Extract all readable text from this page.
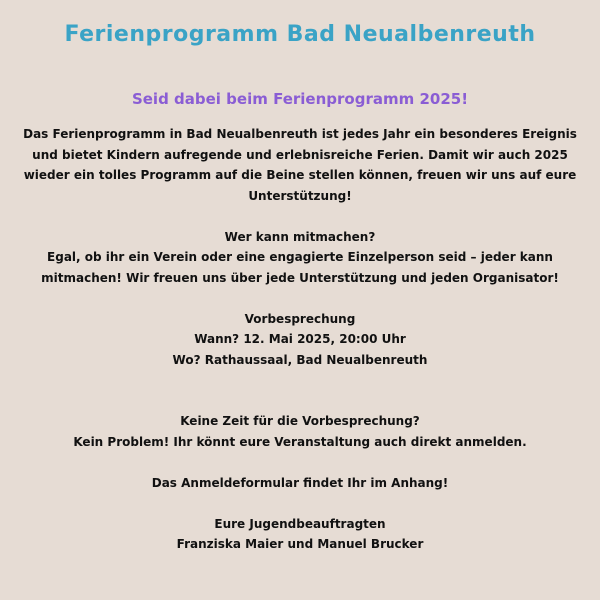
Ferienprogramm Bad Neualbenreuth
Seid dabei beim Ferienprogramm 2025!

Das Ferienprogramm in Bad Neualbenreuth ist jedes Jahr ein besonderes Ereignis

und bietet Kindern aufregende und erlebnisreiche Ferien. Damit wir auch 2025

wieder ein tolles Programm auf die Beine stellen können, freuen wir uns auf eure

Unterstützung!

Wer kann mitmachen?

Egal, ob ihr ein Verein oder eine engagierte Einzelperson seid – jeder kann

mitmachen! Wir freuen uns über jede Unterstützung und jeden Organisator!

Vorbesprechung

Wann? 12. Mai 2025, 20:00 Uhr

Wo? Rathaussaal, Bad Neualbenreuth

Keine Zeit für die Vorbesprechung?

Kein Problem! Ihr könnt eure Veranstaltung auch direkt anmelden.

Das Anmeldeformular findet Ihr im Anhang!

Eure Jugendbeauftragten

Franziska Maier und Manuel Brucker
